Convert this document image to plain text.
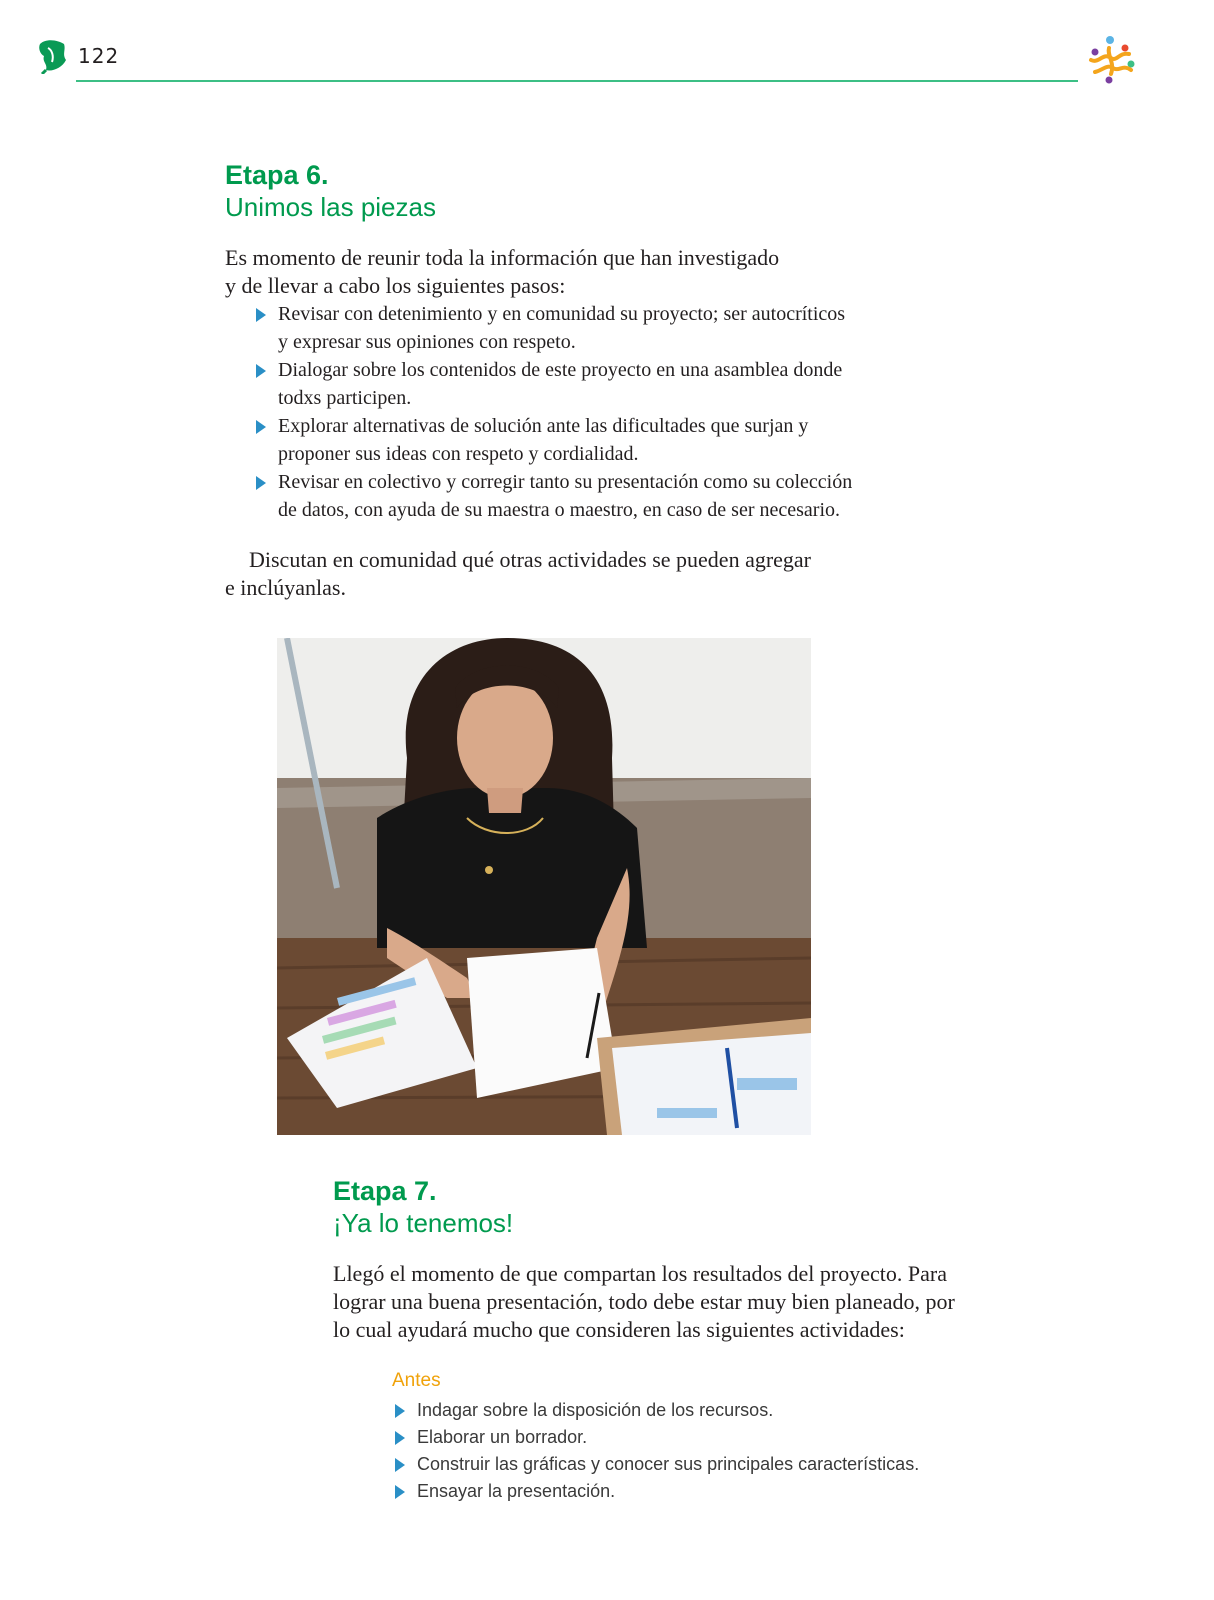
122
Etapa 6.
Unimos las piezas
Es momento de reunir toda la información que han investigado
y de llevar a cabo los siguientes pasos:
Revisar con detenimiento y en comunidad su proyecto; ser autocríticos
y expresar sus opiniones con respeto.
Dialogar sobre los contenidos de este proyecto en una asamblea donde
todxs participen.
Explorar alternativas de solución ante las dificultades que surjan y
proponer sus ideas con respeto y cordialidad.
Revisar en colectivo y corregir tanto su presentación como su colección
de datos, con ayuda de su maestra o maestro, en caso de ser necesario.
Discutan en comunidad qué otras actividades se pueden agregar
e inclúyanlas.
Etapa 7.
¡Ya lo tenemos!
Llegó el momento de que compartan los resultados del proyecto. Para
lograr una buena presentación, todo debe estar muy bien planeado, por
lo cual ayudará mucho que consideren las siguientes actividades:
Antes
Indagar sobre la disposición de los recursos.
Elaborar un borrador.
Construir las gráficas y conocer sus principales características.
Ensayar la presentación.
